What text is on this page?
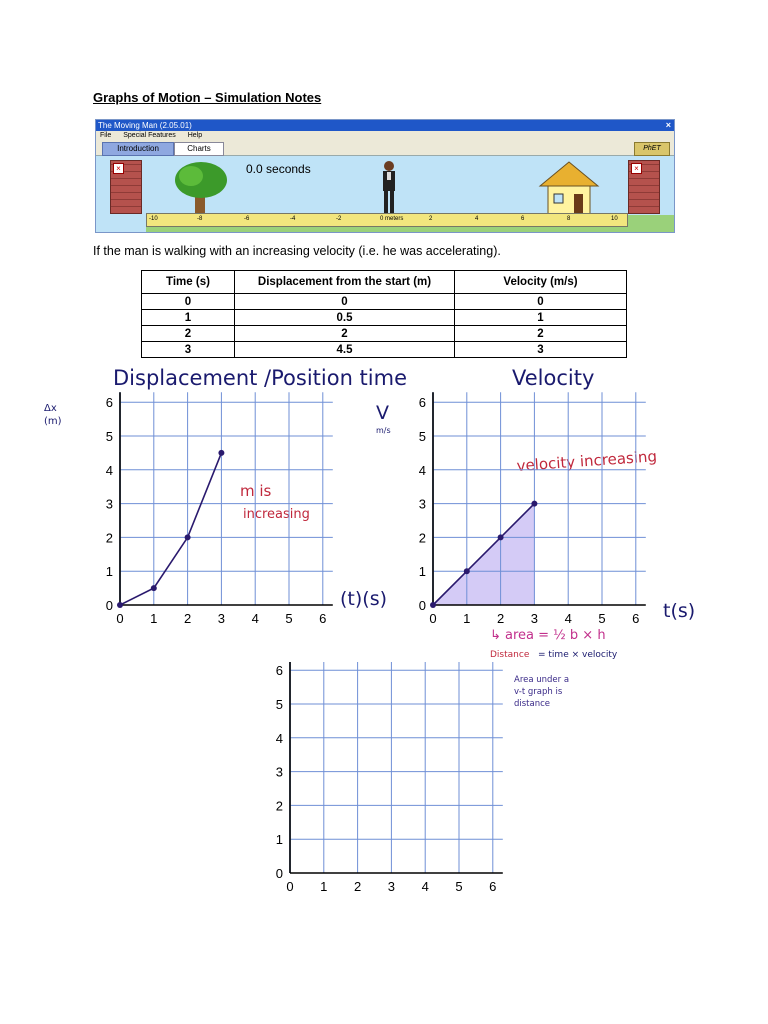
Graphs of Motion – Simulation Notes
The Moving Man (2.05.01)	×
File Special Features Help
Introduction	Charts	PhET
×	×
0.0 seconds
-10	-8	-6	-4	-2	0 meters	2	4	6	8	10
If the man is walking with an increasing velocity (i.e. he was accelerating).
Time (s)	Displacement from the start (m)	Velocity (m/s)
0	0	0
1	0.5	1
2	2	2
3	4.5	3
Displacement /Position time	Velocity
Δx (m)	V
m/s
(t)(s)
t(s)
m is
increasing
velocity increasing
↳ area = ½ b × h
Distance = time × velocity
Area under a
v-t graph is
distance
0 1 2 3 4 5 6
0
1
2
3
4
5
6
0 1 2 3 4 5 6
0
1
2
3
4
5
6
0 1 2 3 4 5 6
0
1
2
3
4
5
6
